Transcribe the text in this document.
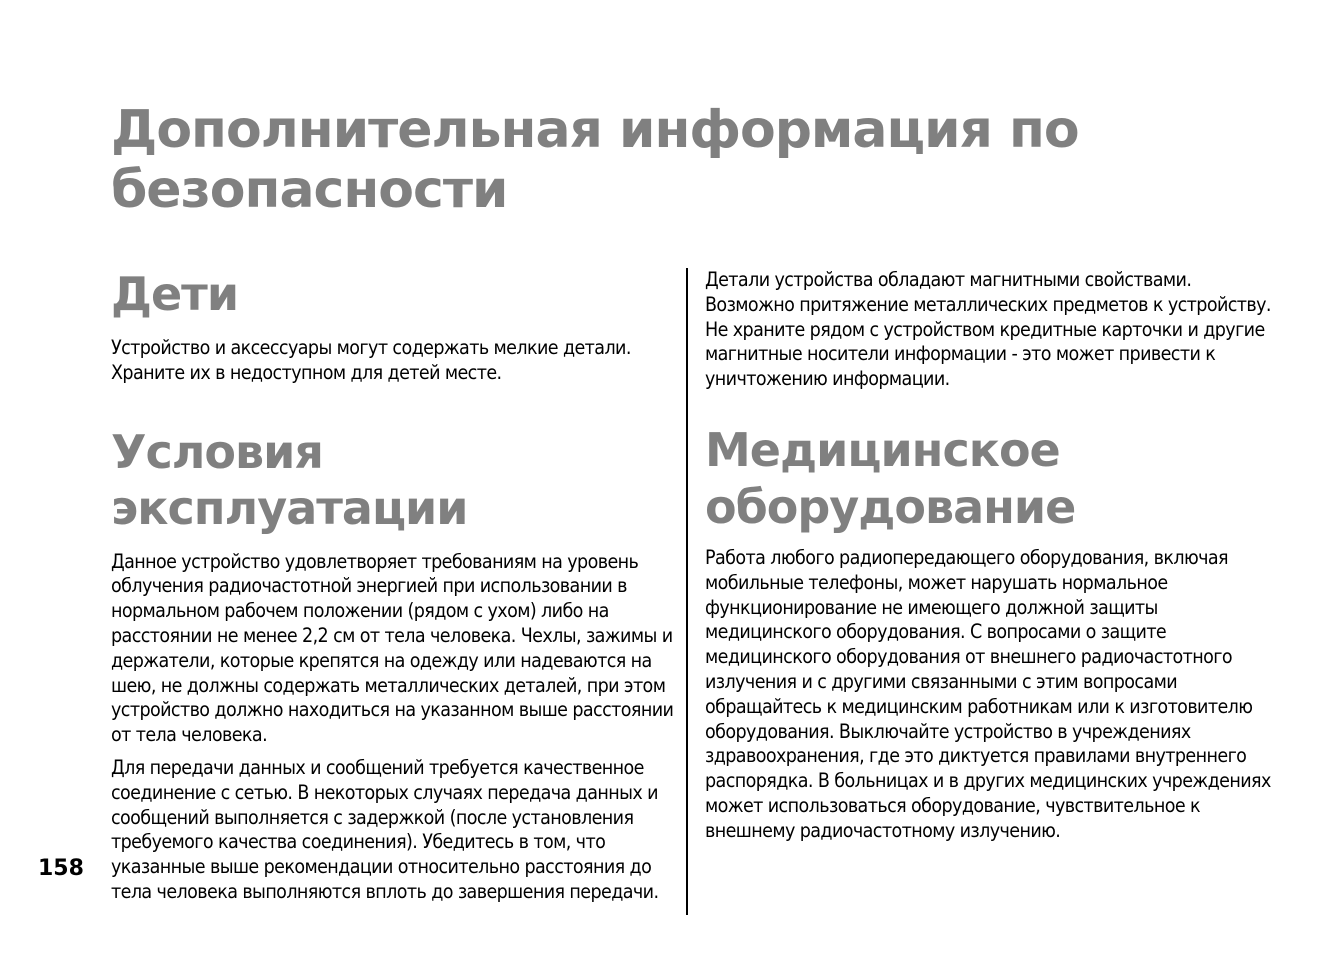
Дополнительная информация по безопасности
Дети

Устройство и аксессуары могут содержать мелкие детали. Храните их в недоступном для детей месте.

Условия эксплуатации

Данное устройство удовлетворяет требованиям на уровень облучения радиочастотной энергией при использовании в нормальном рабочем положении (рядом с ухом) либо на расстоянии не менее 2,2 см от тела человека. Чехлы, зажимы и держатели, которые крепятся на одежду или надеваются на шею, не должны содержать металлических деталей, при этом устройство должно находиться на указанном выше расстоянии от тела человека.

Для передачи данных и сообщений требуется качественное соединение с сетью. В некоторых случаях передача данных и сообщений выполняется с задержкой (после установления требуемого качества соединения). Убедитесь в том, что указанные выше рекомендации относительно расстояния до тела человека выполняются вплоть до завершения передачи.

Детали устройства обладают магнитными свойствами. Возможно притяжение металлических предметов к устройству. Не храните рядом с устройством кредитные карточки и другие магнитные носители информации - это может привести к уничтожению информации.

Медицинское оборудование

Работа любого радиопередающего оборудования, включая мобильные телефоны, может нарушать нормальное функционирование не имеющего должной защиты медицинского оборудования. С вопросами о защите медицинского оборудования от внешнего радиочастотного излучения и с другими связанными с этим вопросами обращайтесь к медицинским работникам или к изготовителю оборудования. Выключайте устройство в учреждениях здравоохранения, где это диктуется правилами внутреннего распорядка. В больницах и в других медицинских учреждениях может использоваться оборудование, чувствительное к внешнему радиочастотному излучению.

158
